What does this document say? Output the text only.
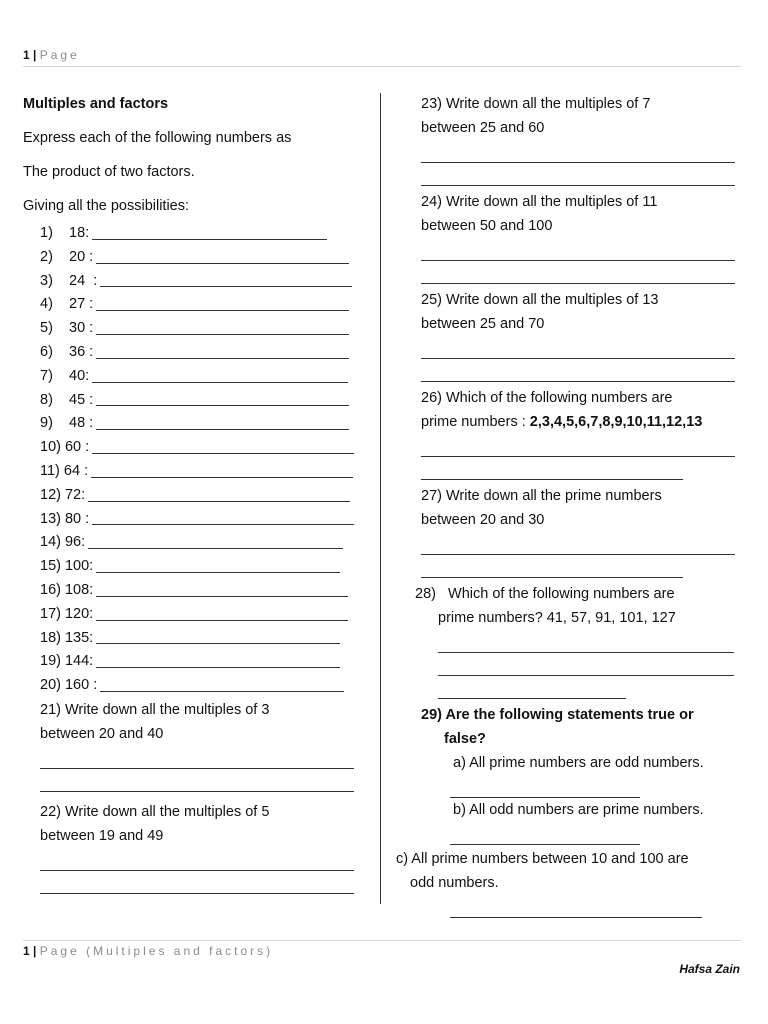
1 | Page
Multiples and factors
Express each of the following numbers as
The product of two factors.
Giving all the possibilities:
1)    18:
2)    20 :
3)    24  :
4)    27 :
5)    30 :
6)    36 :
7)    40:
8)    45 :
9)    48 :
10) 60 :
11) 64 :
12) 72:
13) 80 :
14) 96:
15) 100:
16) 108:
17) 120:
18) 135:
19) 144:
20) 160 :
21) Write down all the multiples of 3
between 20 and 40
22) Write down all the multiples of 5
between 19 and 49
23) Write down all the multiples of 7
between 25 and 60
24) Write down all the multiples of 11
between 50 and 100
25) Write down all the multiples of 13
between 25 and 70
26) Which of the following numbers are
prime numbers : 2,3,4,5,6,7,8,9,10,11,12,13
27) Write down all the prime numbers
between 20 and 30
28)   Which of the following numbers are
prime numbers? 41, 57, 91, 101, 127
29) Are the following statements true or
false?
a) All prime numbers are odd numbers.
b) All odd numbers are prime numbers.
c) All prime numbers between 10 and 100 are
odd numbers.
1 | Page (Multiples and factors)
Hafsa Zain
